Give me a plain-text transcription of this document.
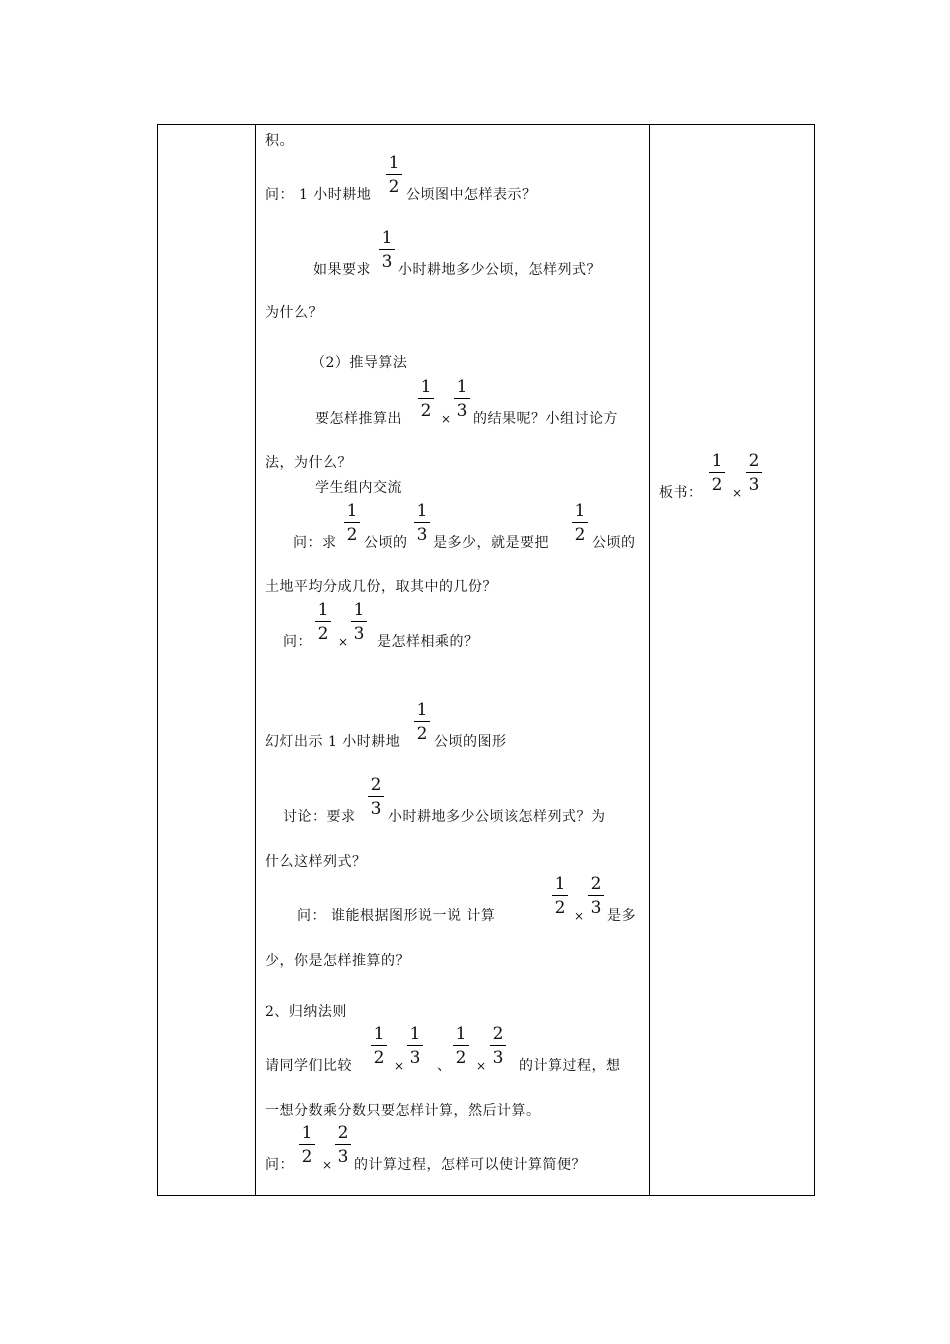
积。
问： 1 小时耕地
1
2 公顷图中怎样表示？
如果要求
1
3 小时耕地多少公顷，怎样列式？
为什么？
（2）推导算法
要怎样推算出
1
2 ×
1
3 的结果呢？小组讨论方
法，为什么？
学生组内交流
问：求
1
2 公顷的
1
3 是多少，就是要把
1
2 公顷的
土地平均分成几份，取其中的几份？
问：
1
2 ×
1
3 是怎样相乘的？
幻灯出示 1 小时耕地
1
2 公顷的图形
讨论：要求
2
3 小时耕地多少公顷该怎样列式？为
什么这样列式？
问： 谁能根据图形说一说 计算
1
2 ×
2
3 是多
少，你是怎样推算的？
2、归纳法则
请同学们比较
1
2 ×
1
3 、
1
2 ×
2
3 的计算过程，想
一想分数乘分数只要怎样计算，然后计算。
问：
1
2 ×
2
3 的计算过程，怎样可以使计算简便？
板书：
1
2 ×
2
3
